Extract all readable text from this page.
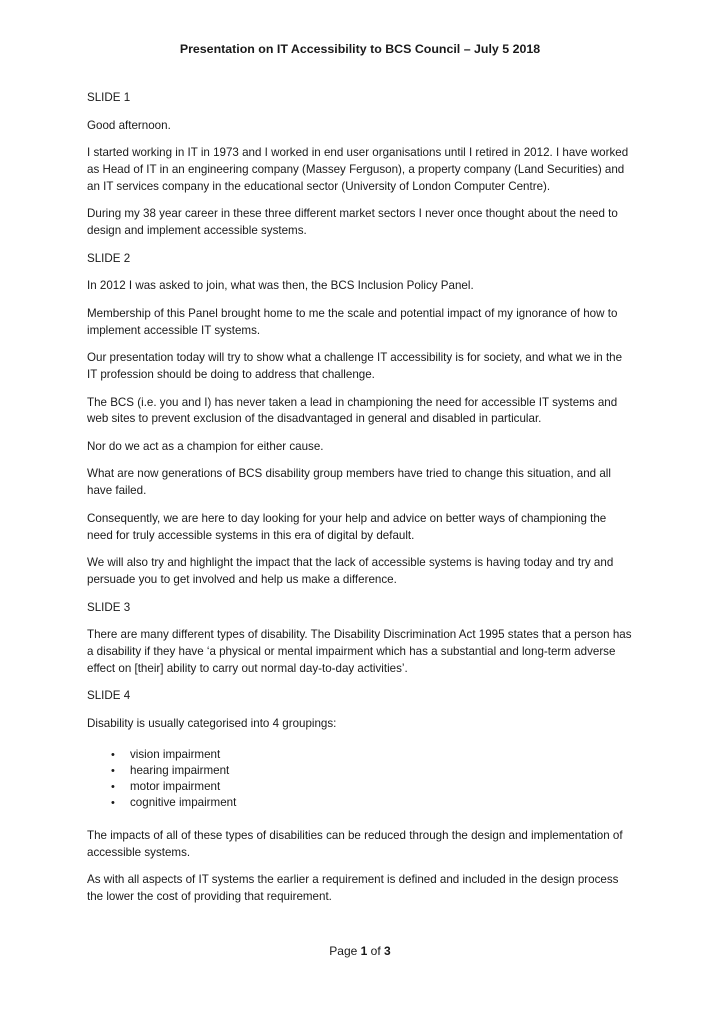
Presentation on IT Accessibility to BCS Council – July 5 2018

SLIDE 1

Good afternoon.

I started working in IT in 1973 and I worked in end user organisations until I retired in 2012. I have worked as Head of IT in an engineering company (Massey Ferguson), a property company (Land Securities) and an IT services company in the educational sector (University of London Computer Centre).

During my 38 year career in these three different market sectors I never once thought about the need to design and implement accessible systems.

SLIDE 2

In 2012 I was asked to join, what was then, the BCS Inclusion Policy Panel.

Membership of this Panel brought home to me the scale and potential impact of my ignorance of how to implement accessible IT systems.

Our presentation today will try to show what a challenge IT accessibility is for society, and what we in the IT profession should be doing to address that challenge.

The BCS (i.e. you and I) has never taken a lead in championing the need for accessible IT systems and web sites to prevent exclusion of the disadvantaged in general and disabled in particular.

Nor do we act as a champion for either cause.

What are now generations of BCS disability group members have tried to change this situation, and all have failed.

Consequently, we are here to day looking for your help and advice on better ways of championing the need for truly accessible systems in this era of digital by default.

We will also try and highlight the impact that the lack of accessible systems is having today and try and persuade you to get involved and help us make a difference.

SLIDE 3

There are many different types of disability. The Disability Discrimination Act 1995 states that a person has a disability if they have ‘a physical or mental impairment which has a substantial and long-term adverse effect on [their] ability to carry out normal day-to-day activities’.

SLIDE 4

Disability is usually categorised into 4 groupings:

• vision impairment
• hearing impairment
• motor impairment
• cognitive impairment

The impacts of all of these types of disabilities can be reduced through the design and implementation of accessible systems.

As with all aspects of IT systems the earlier a requirement is defined and included in the design process the lower the cost of providing that requirement.

Page 1 of 3
